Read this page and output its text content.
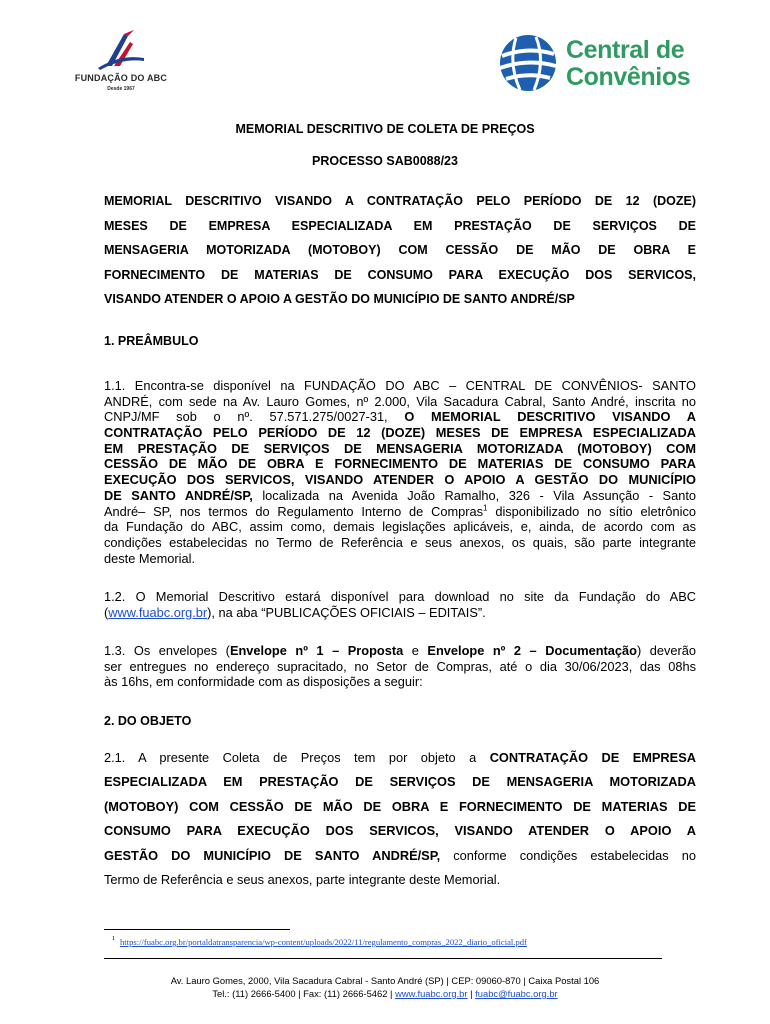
FUNDAÇÃO DO ABC
Desde 1967
Central de
Convênios
MEMORIAL DESCRITIVO DE COLETA DE PREÇOS
PROCESSO SAB0088/23
MEMORIAL DESCRITIVO VISANDO A CONTRATAÇÃO PELO PERÍODO DE 12 (DOZE)
MESES DE EMPRESA ESPECIALIZADA EM PRESTAÇÃO DE SERVIÇOS DE
MENSAGERIA MOTORIZADA (MOTOBOY) COM CESSÃO DE MÃO DE OBRA E
FORNECIMENTO DE MATERIAS DE CONSUMO PARA EXECUÇÃO DOS SERVICOS,
VISANDO ATENDER O APOIO A GESTÃO DO MUNICÍPIO DE SANTO ANDRÉ/SP
1. PREÂMBULO
1.1. Encontra-se disponível na FUNDAÇÃO DO ABC – CENTRAL DE CONVÊNIOS- SANTO
ANDRÉ, com sede na Av. Lauro Gomes, nº 2.000, Vila Sacadura Cabral, Santo André, inscrita no
CNPJ/MF sob o nº. 57.571.275/0027-31, O MEMORIAL DESCRITIVO VISANDO A
CONTRATAÇÃO PELO PERÍODO DE 12 (DOZE) MESES DE EMPRESA ESPECIALIZADA
EM PRESTAÇÃO DE SERVIÇOS DE MENSAGERIA MOTORIZADA (MOTOBOY) COM
CESSÃO DE MÃO DE OBRA E FORNECIMENTO DE MATERIAS DE CONSUMO PARA
EXECUÇÃO DOS SERVICOS, VISANDO ATENDER O APOIO A GESTÃO DO MUNICÍPIO
DE SANTO ANDRÉ/SP, localizada na Avenida João Ramalho, 326 - Vila Assunção - Santo
André– SP, nos termos do Regulamento Interno de Compras$^1$ disponibilizado no sítio eletrônico
da Fundação do ABC, assim como, demais legislações aplicáveis, e, ainda, de acordo com as
condições estabelecidas no Termo de Referência e seus anexos, os quais, são parte integrante
deste Memorial.
1.2. O Memorial Descritivo estará disponível para download no site da Fundação do ABC
(www.fuabc.org.br), na aba “PUBLICAÇÕES OFICIAIS – EDITAIS”.
1.3. Os envelopes (Envelope nº 1 – Proposta e Envelope nº 2 – Documentação) deverão
ser entregues no endereço supracitado, no Setor de Compras, até o dia 30/06/2023, das 08hs
às 16hs, em conformidade com as disposições a seguir:
2. DO OBJETO
2.1. A presente Coleta de Preços tem por objeto a CONTRATAÇÃO DE EMPRESA
ESPECIALIZADA EM PRESTAÇÃO DE SERVIÇOS DE MENSAGERIA MOTORIZADA
(MOTOBOY) COM CESSÃO DE MÃO DE OBRA E FORNECIMENTO DE MATERIAS DE
CONSUMO PARA EXECUÇÃO DOS SERVICOS, VISANDO ATENDER O APOIO A
GESTÃO DO MUNICÍPIO DE SANTO ANDRÉ/SP, conforme condições estabelecidas no
Termo de Referência e seus anexos, parte integrante deste Memorial.
1 https://fuabc.org.br/portaldatransparencia/wp-content/uploads/2022/11/regulamento_compras_2022_diario_oficial.pdf
Av. Lauro Gomes, 2000, Vila Sacadura Cabral - Santo André (SP) | CEP: 09060-870 | Caixa Postal 106
Tel.: (11) 2666-5400 | Fax: (11) 2666-5462 | www.fuabc.org.br | fuabc@fuabc.org.br
